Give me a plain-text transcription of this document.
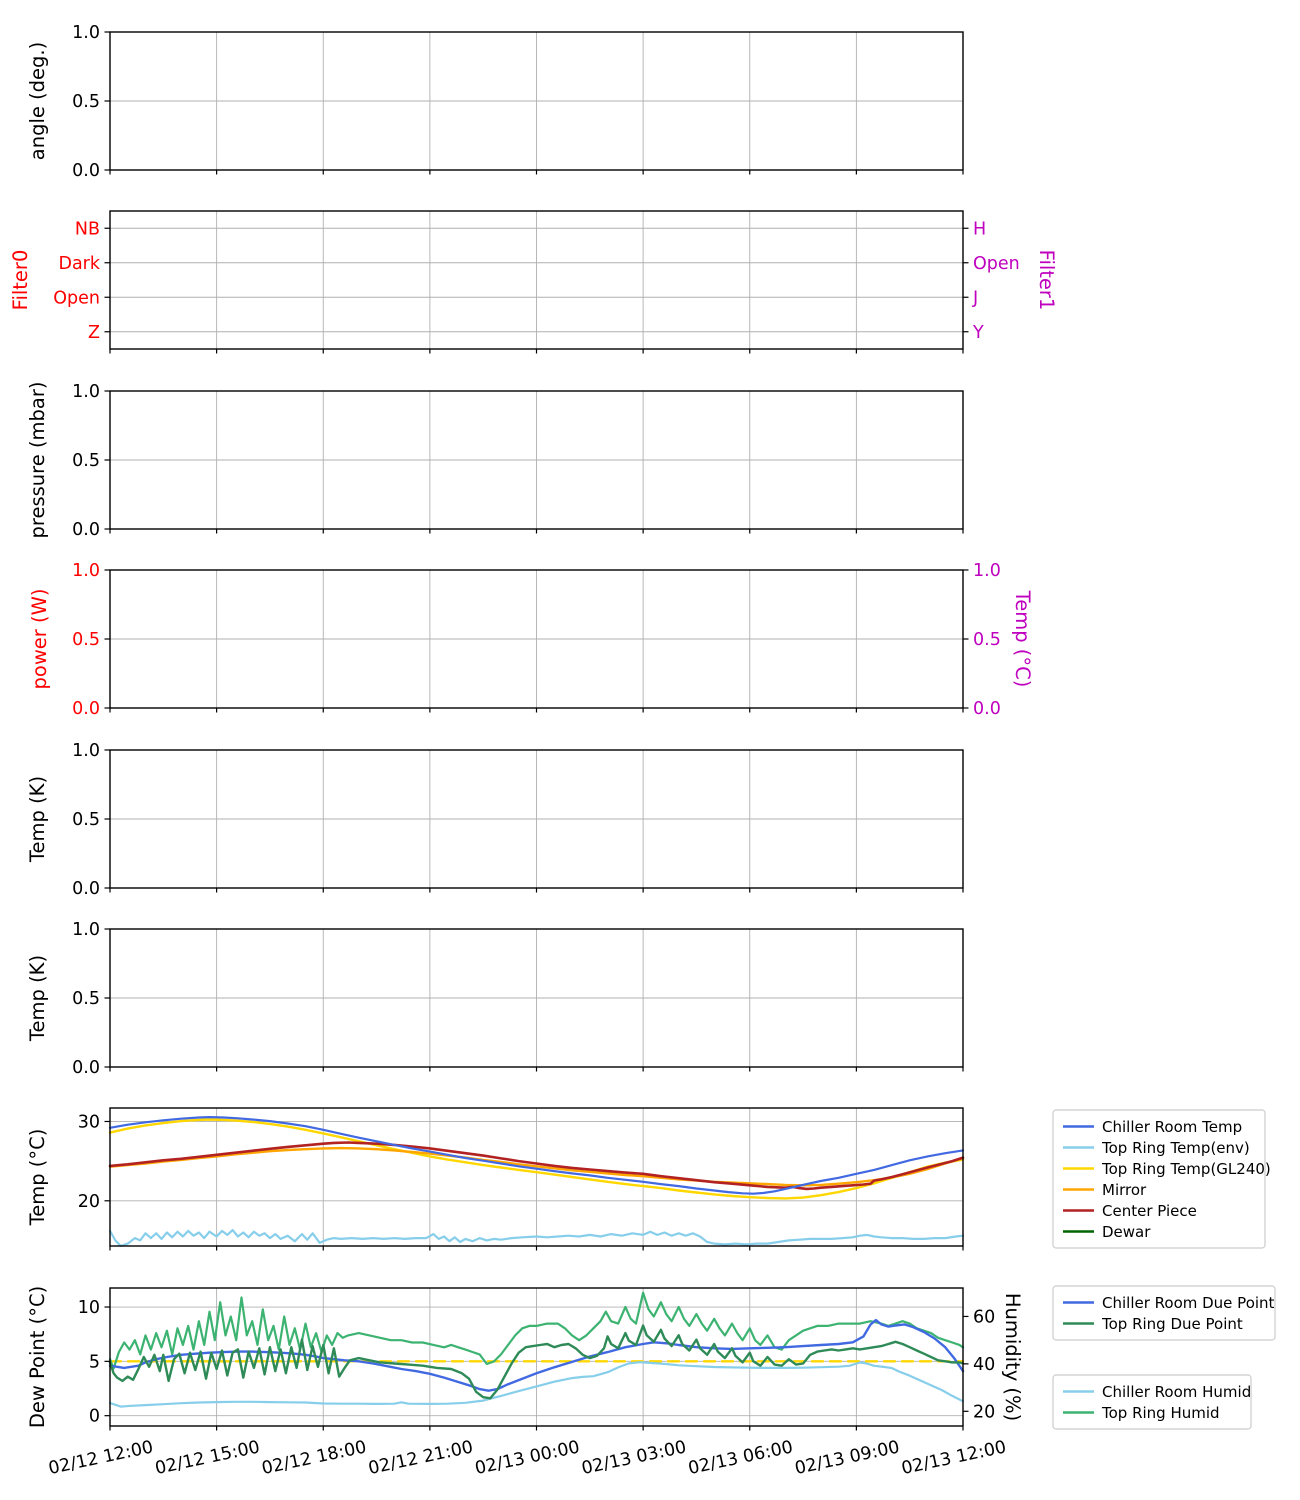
1.0
0.5
0.0
angle (deg.)
NB
Dark
Open
Z
H
Open
J
Y
Filter0	Filter1
1.0
0.5
0.0
pressure (mbar)
1.0
0.5
0.0
1.0
0.5
0.0
power (W)	Temp (°C)
1.0
0.5
0.0
Temp (K)
1.0
0.5
0.0
Temp (K)
30
20
Temp (°C)
10
5
0
60
40
20
Dew Point (°C)	Humidity (%)
02/12 12:00
02/12 15:00
02/12 18:00
02/12 21:00
02/13 00:00
02/13 03:00
02/13 06:00
02/13 09:00
02/13 12:00
Chiller Room Temp
Top Ring Temp(env)
Top Ring Temp(GL240)
Mirror
Center Piece
Dewar
Chiller Room Due Point
Top Ring Due Point
Chiller Room Humid
Top Ring Humid
